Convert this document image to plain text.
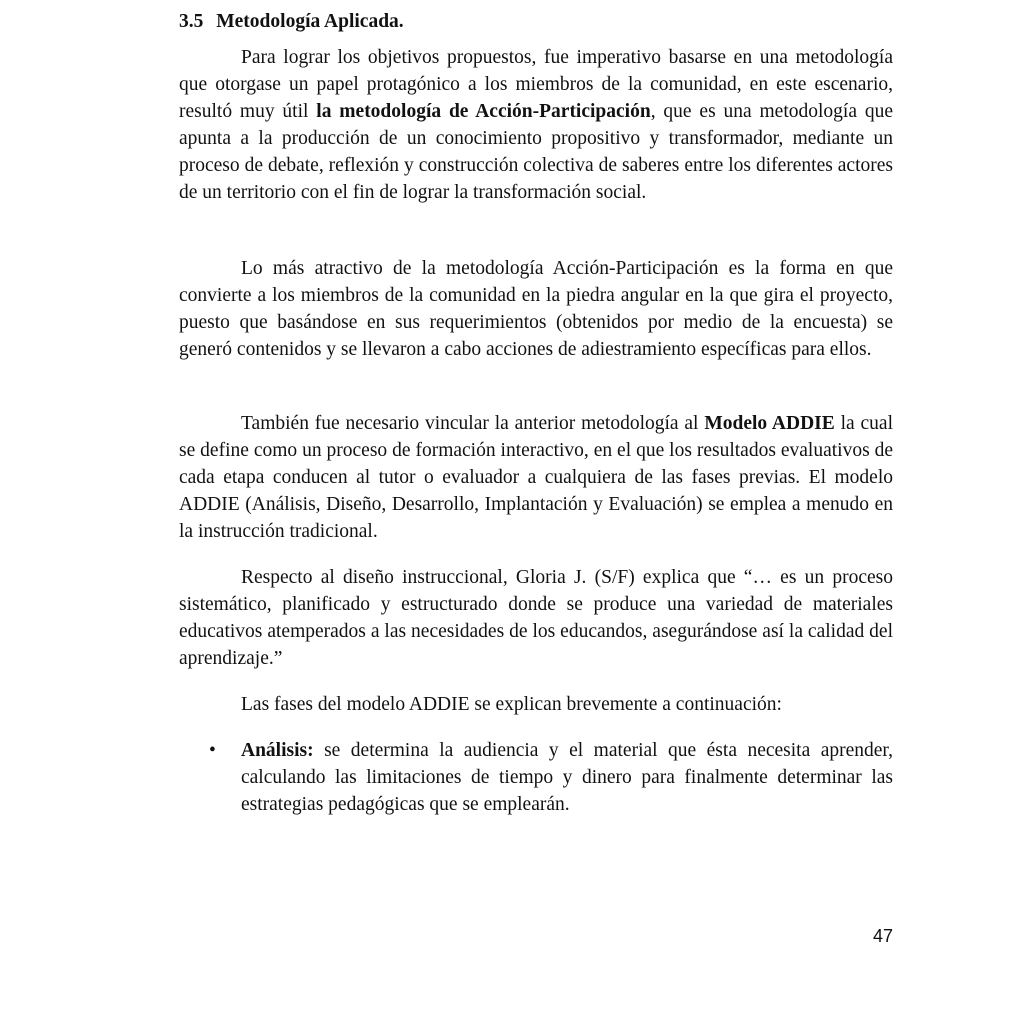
3.5 Metodología Aplicada.

Para lograr los objetivos propuestos, fue imperativo basarse en una metodología que otorgase un papel protagónico a los miembros de la comunidad, en este escenario, resultó muy útil la metodología de Acción-Participación, que es una metodología que apunta a la producción de un conocimiento propositivo y transformador, mediante un proceso de debate, reflexión y construcción colectiva de saberes entre los diferentes actores de un territorio con el fin de lograr la transformación social.

Lo más atractivo de la metodología Acción-Participación es la forma en que convierte a los miembros de la comunidad en la piedra angular en la que gira el proyecto, puesto que basándose en sus requerimientos (obtenidos por medio de la encuesta) se generó contenidos y se llevaron a cabo acciones de adiestramiento específicas para ellos.

También fue necesario vincular la anterior metodología al Modelo ADDIE la cual se define como un proceso de formación interactivo, en el que los resultados evaluativos de cada etapa conducen al tutor o evaluador a cualquiera de las fases previas. El modelo ADDIE (Análisis, Diseño, Desarrollo, Implantación y Evaluación) se emplea a menudo en la instrucción tradicional.

Respecto al diseño instruccional, Gloria J. (S/F) explica que “… es un proceso sistemático, planificado y estructurado donde se produce una variedad de materiales educativos atemperados a las necesidades de los educandos, asegurándose así la calidad del aprendizaje.”

Las fases del modelo ADDIE se explican brevemente a continuación:

• Análisis: se determina la audiencia y el material que ésta necesita aprender, calculando las limitaciones de tiempo y dinero para finalmente determinar las estrategias pedagógicas que se emplearán.
47
